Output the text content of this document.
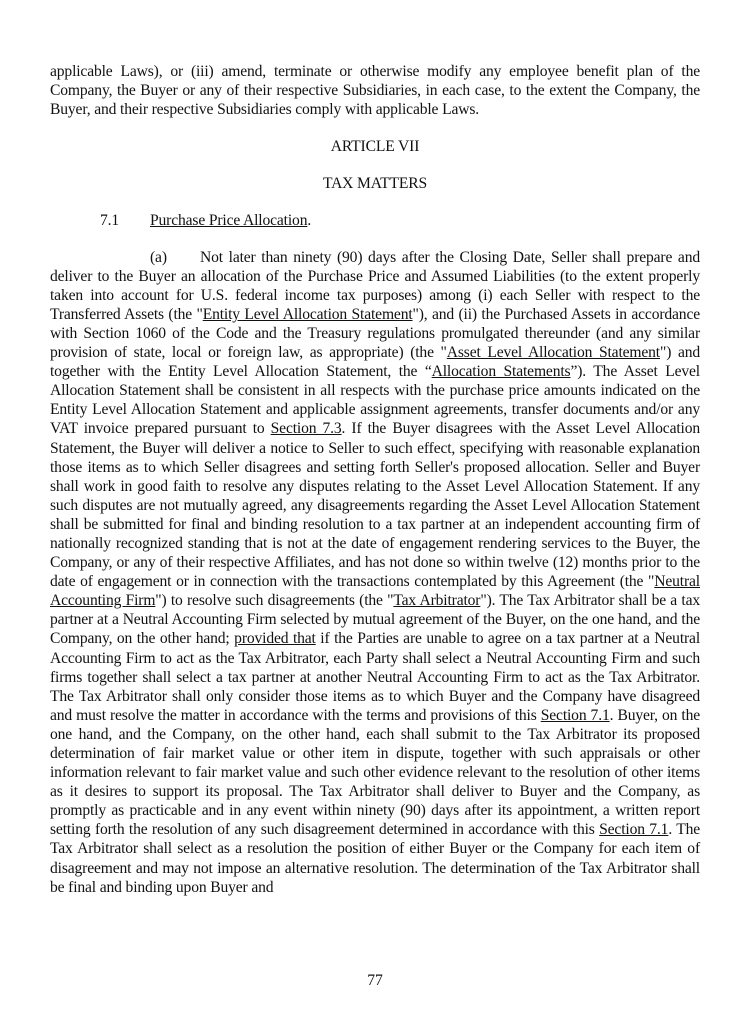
applicable Laws), or (iii) amend, terminate or otherwise modify any employee benefit plan of the Company, the Buyer or any of their respective Subsidiaries, in each case, to the extent the Company, the Buyer, and their respective Subsidiaries comply with applicable Laws.

ARTICLE VII

TAX MATTERS

7.1	Purchase Price Allocation.

(a) Not later than ninety (90) days after the Closing Date, Seller shall prepare and deliver to the Buyer an allocation of the Purchase Price and Assumed Liabilities (to the extent properly taken into account for U.S. federal income tax purposes) among (i) each Seller with respect to the Transferred Assets (the "Entity Level Allocation Statement"), and (ii) the Purchased Assets in accordance with Section 1060 of the Code and the Treasury regulations promulgated thereunder (and any similar provision of state, local or foreign law, as appropriate) (the "Asset Level Allocation Statement") and together with the Entity Level Allocation Statement, the “Allocation Statements”). The Asset Level Allocation Statement shall be consistent in all respects with the purchase price amounts indicated on the Entity Level Allocation Statement and applicable assignment agreements, transfer documents and/or any VAT invoice prepared pursuant to Section 7.3. If the Buyer disagrees with the Asset Level Allocation Statement, the Buyer will deliver a notice to Seller to such effect, specifying with reasonable explanation those items as to which Seller disagrees and setting forth Seller's proposed allocation. Seller and Buyer shall work in good faith to resolve any disputes relating to the Asset Level Allocation Statement. If any such disputes are not mutually agreed, any disagreements regarding the Asset Level Allocation Statement shall be submitted for final and binding resolution to a tax partner at an independent accounting firm of nationally recognized standing that is not at the date of engagement rendering services to the Buyer, the Company, or any of their respective Affiliates, and has not done so within twelve (12) months prior to the date of engagement or in connection with the transactions contemplated by this Agreement (the "Neutral Accounting Firm") to resolve such disagreements (the "Tax Arbitrator"). The Tax Arbitrator shall be a tax partner at a Neutral Accounting Firm selected by mutual agreement of the Buyer, on the one hand, and the Company, on the other hand; provided that if the Parties are unable to agree on a tax partner at a Neutral Accounting Firm to act as the Tax Arbitrator, each Party shall select a Neutral Accounting Firm and such firms together shall select a tax partner at another Neutral Accounting Firm to act as the Tax Arbitrator. The Tax Arbitrator shall only consider those items as to which Buyer and the Company have disagreed and must resolve the matter in accordance with the terms and provisions of this Section 7.1. Buyer, on the one hand, and the Company, on the other hand, each shall submit to the Tax Arbitrator its proposed determination of fair market value or other item in dispute, together with such appraisals or other information relevant to fair market value and such other evidence relevant to the resolution of other items as it desires to support its proposal. The Tax Arbitrator shall deliver to Buyer and the Company, as promptly as practicable and in any event within ninety (90) days after its appointment, a written report setting forth the resolution of any such disagreement determined in accordance with this Section 7.1. The Tax Arbitrator shall select as a resolution the position of either Buyer or the Company for each item of disagreement and may not impose an alternative resolution. The determination of the Tax Arbitrator shall be final and binding upon Buyer and

77
